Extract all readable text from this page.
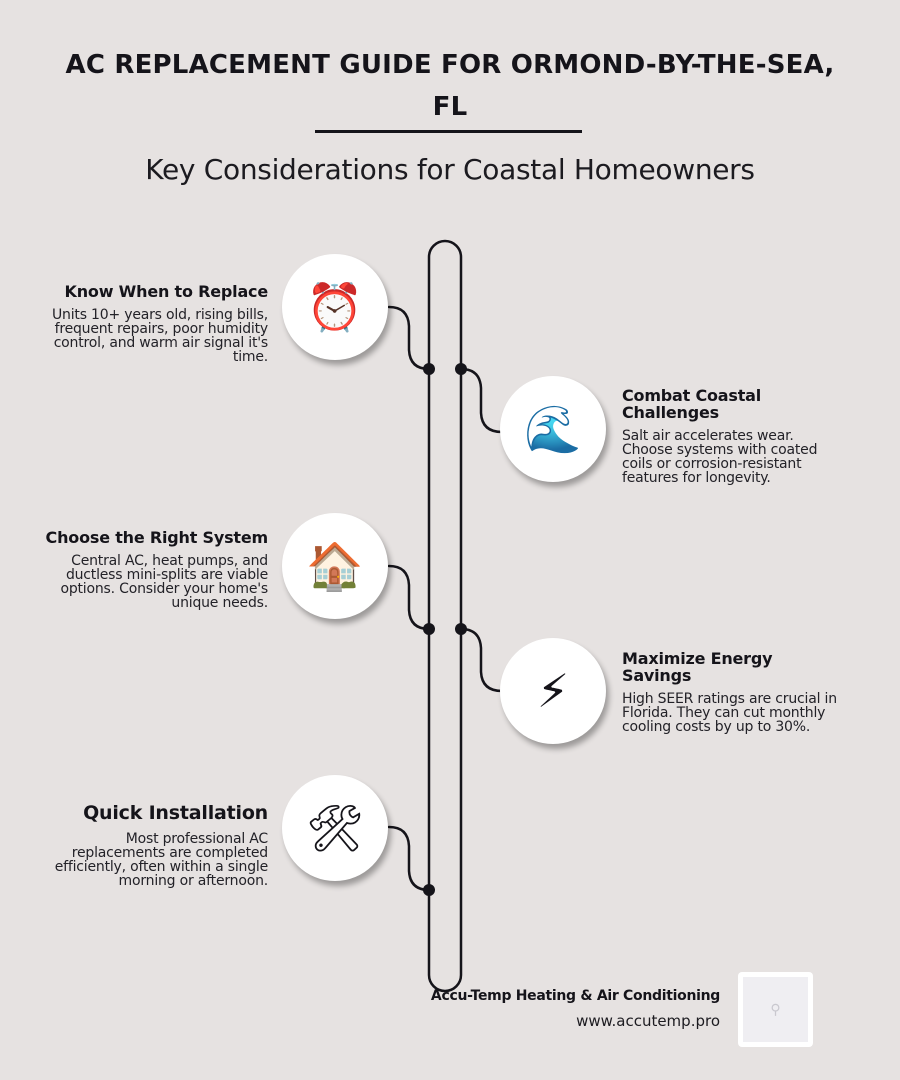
AC REPLACEMENT GUIDE FOR ORMOND-BY-THE-SEA, FL
Key Considerations for Coastal Homeowners
Know When to Replace
Units 10+ years old, rising bills, frequent repairs, poor humidity control, and warm air signal it's time.
⏰
🌊
Combat Coastal Challenges
Salt air accelerates wear. Choose systems with coated coils or corrosion-resistant features for longevity.
Choose the Right System
Central AC, heat pumps, and ductless mini-splits are viable options. Consider your home's unique needs.
🏠
⚡
Maximize Energy Savings
High SEER ratings are crucial in Florida. They can cut monthly cooling costs by up to 30%.
Quick Installation
Most professional AC replacements are completed efficiently, often within a single morning or afternoon.
🛠
Accu-Temp Heating & Air Conditioning
www.accutemp.pro
⚲
